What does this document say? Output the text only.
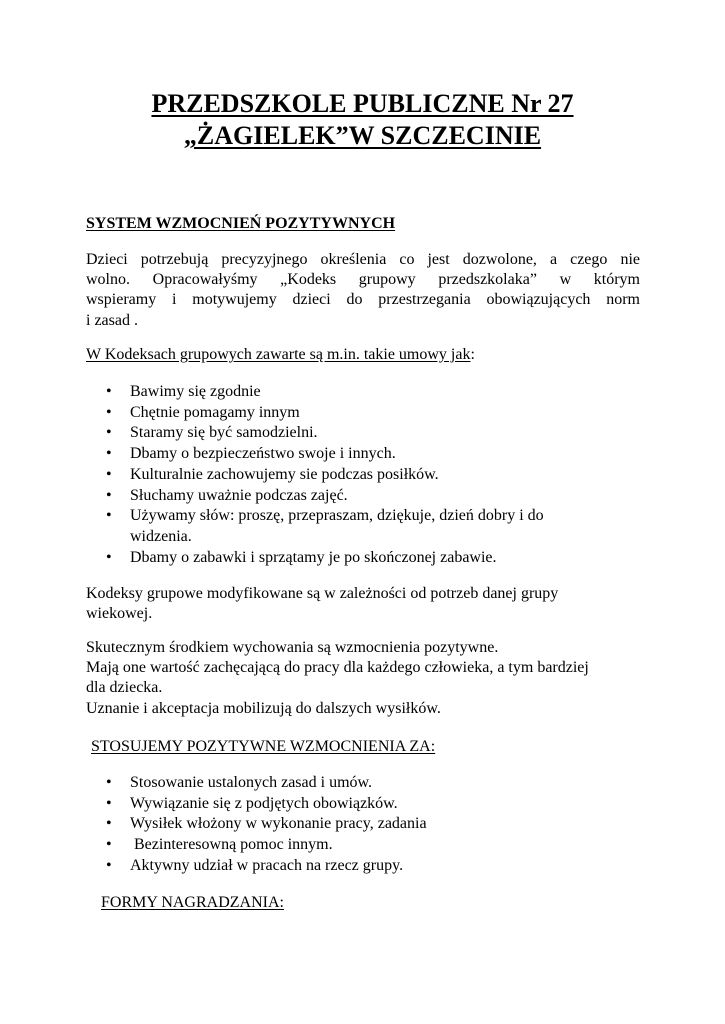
PRZEDSZKOLE PUBLICZNE Nr 27
„ŻAGIELEK”W SZCZECINIE
SYSTEM WZMOCNIEŃ POZYTYWNYCH
Dzieci potrzebują precyzyjnego określenia co jest dozwolone, a czego nie
wolno. Opracowałyśmy „Kodeks grupowy przedszkolaka” w którym
wspieramy i motywujemy dzieci do przestrzegania obowiązujących norm
i zasad .
W Kodeksach grupowych zawarte są m.in. takie umowy jak:
• Bawimy się zgodnie
• Chętnie pomagamy innym
• Staramy się być samodzielni.
• Dbamy o bezpieczeństwo swoje i innych.
• Kulturalnie zachowujemy sie podczas posiłków.
• Słuchamy uważnie podczas zajęć.
• Używamy słów: proszę, przepraszam, dziękuje, dzień dobry i do widzenia.
• Dbamy o zabawki i sprzątamy je po skończonej zabawie.
Kodeksy grupowe modyfikowane są w zależności od potrzeb danej grupy
wiekowej.
Skutecznym środkiem wychowania są wzmocnienia pozytywne.
Mają one wartość zachęcającą do pracy dla każdego człowieka, a tym bardziej
dla dziecka.
Uznanie i akceptacja mobilizują do dalszych wysiłków.
STOSUJEMY POZYTYWNE WZMOCNIENIA ZA:
• Stosowanie ustalonych zasad i umów.
• Wywiązanie się z podjętych obowiązków.
• Wysiłek włożony w wykonanie pracy, zadania
•  Bezinteresowną pomoc innym.
• Aktywny udział w pracach na rzecz grupy.
FORMY NAGRADZANIA:
